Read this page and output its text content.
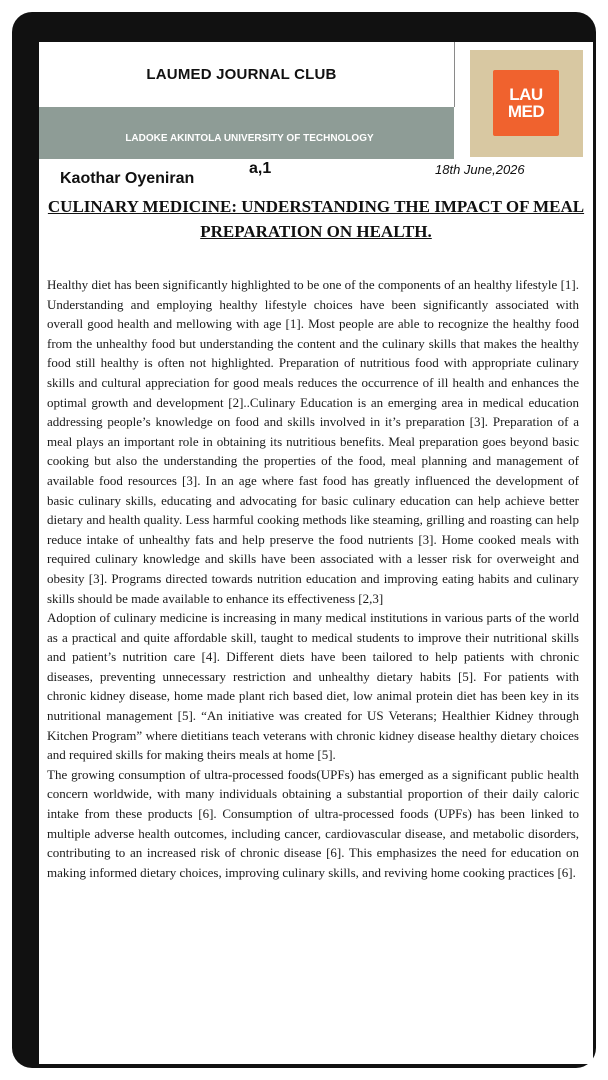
LAUMED JOURNAL CLUB
LADOKE AKINTOLA UNIVERSITY OF TECHNOLOGY
LAU
MED
Kaothar Oyeniran
a,1	18th June,2026
CULINARY MEDICINE: UNDERSTANDING THE IMPACT OF MEAL PREPARATION ON HEALTH.

Healthy diet has been significantly highlighted to be one of the components of an healthy lifestyle [1]. Understanding and employing healthy lifestyle choices have been significantly associated with overall good health and mellowing with age [1]. Most people are able to recognize the healthy food from the unhealthy food but understanding the content and the culinary skills that makes the healthy food still healthy is often not highlighted. Preparation of nutritious food with appropriate culinary skills and cultural appreciation for good meals reduces the occurrence of ill health and enhances the optimal growth and development [2]..Culinary Education is an emerging area in medical education addressing people’s knowledge on food and skills involved in it’s preparation [3]. Preparation of a meal plays an important role in obtaining its nutritious benefits. Meal preparation goes beyond basic cooking but also the understanding the properties of the food, meal planning and management of available food resources [3]. In an age where fast food has greatly influenced the development of basic culinary skills, educating and advocating for basic culinary education can help achieve better dietary and health quality. Less harmful cooking methods like steaming, grilling and roasting can help reduce intake of unhealthy fats and help preserve the food nutrients [3]. Home cooked meals with required culinary knowledge and skills have been associated with a lesser risk for overweight and obesity [3]. Programs directed towards nutrition education and improving eating habits and culinary skills should be made available to enhance its effectiveness [2,3]

Adoption of culinary medicine is increasing in many medical institutions in various parts of the world as a practical and quite affordable skill, taught to medical students to improve their nutritional skills and patient’s nutrition care [4]. Different diets have been tailored to help patients with chronic diseases, preventing unnecessary restriction and unhealthy dietary habits [5]. For patients with chronic kidney disease, home made plant rich based diet, low animal protein diet has been key in its nutritional management [5]. “An initiative was created for US Veterans; Healthier Kidney through Kitchen Program” where dietitians teach veterans with chronic kidney disease healthy dietary choices and required skills for making theirs meals at home [5].

The growing consumption of ultra-processed foods(UPFs) has emerged as a significant public health concern worldwide, with many individuals obtaining a substantial proportion of their daily caloric intake from these products [6]. Consumption of ultra-processed foods (UPFs) has been linked to multiple adverse health outcomes, including cancer, cardiovascular disease, and metabolic disorders, contributing to an increased risk of chronic disease [6]. This emphasizes the need for education on making informed dietary choices, improving culinary skills, and reviving home cooking practices [6].
